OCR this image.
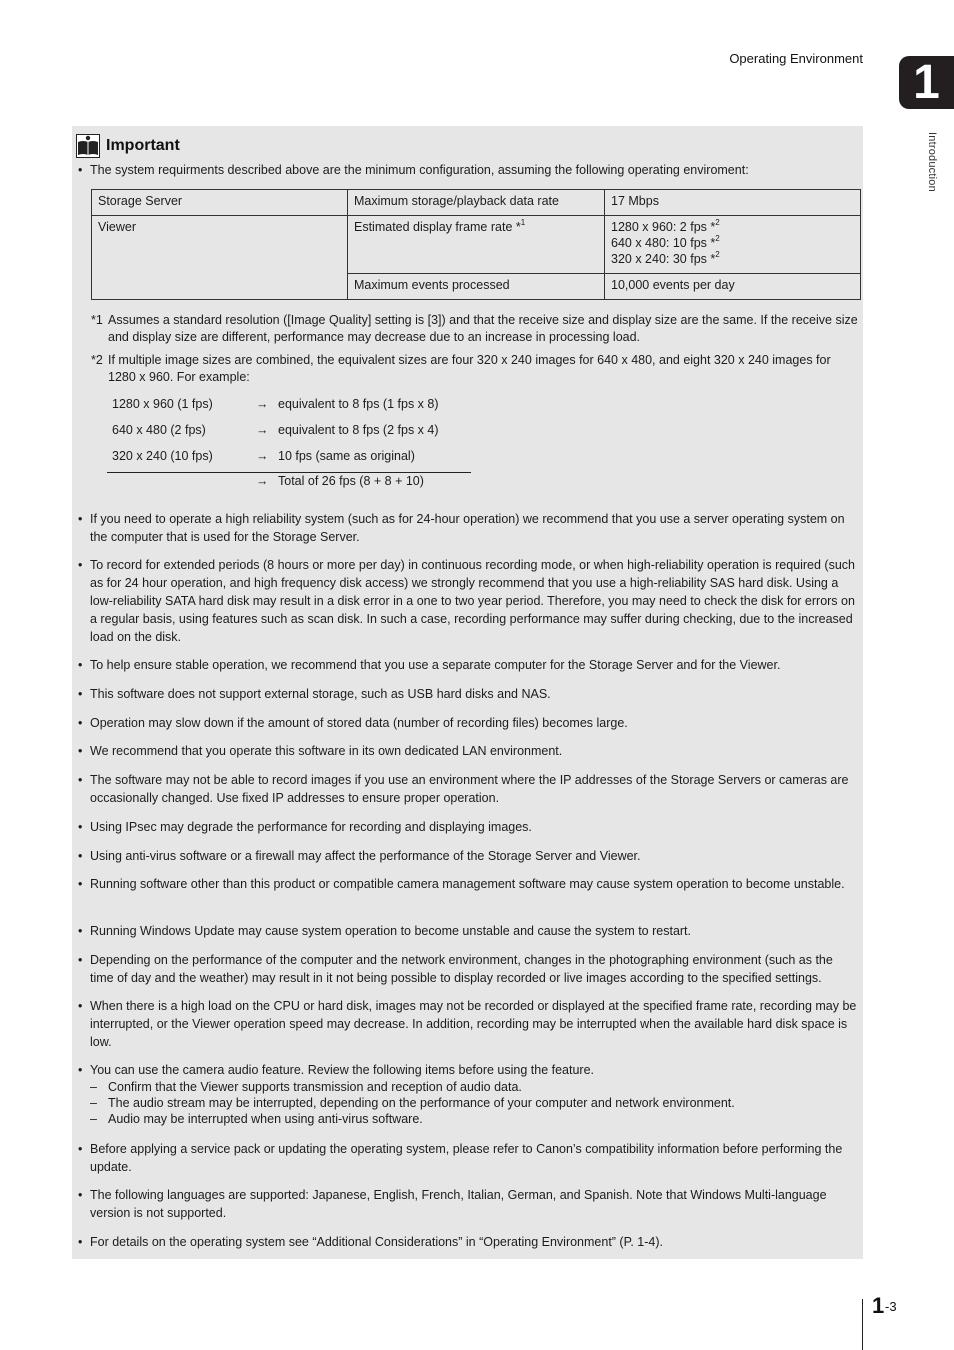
Operating Environment 1
Introduction
Important
• The system requirments described above are the minimum configuration, assuming the following operating enviroment:
Storage Server	Maximum storage/playback data rate	17 Mbps
Viewer	Estimated display frame rate *$^1$	1280 x 960: 2 fps *$^2$
640 x 480: 10 fps *$^2$
320 x 240: 30 fps *$^2$

	Maximum events processed	10,000 events per day
*1 Assumes a standard resolution ([Image Quality] setting is [3]) and that the receive size and display size are the same. If the receive size and display size are different, performance may decrease due to an increase in processing load.
*2 If multiple image sizes are combined, the equivalent sizes are four 320 x 240 images for 640 x 480, and eight 320 x 240 images for 1280 x 960. For example:
1280 x 960 (1 fps)	→ equivalent to 8 fps (1 fps x 8)
640 x 480 (2 fps)	→ equivalent to 8 fps (2 fps x 4)
320 x 240 (10 fps)	→ 10 fps (same as original)
→ Total of 26 fps (8 + 8 + 10)
• If you need to operate a high reliability system (such as for 24-hour operation) we recommend that you use a server operating system on the computer that is used for the Storage Server.
• To record for extended periods (8 hours or more per day) in continuous recording mode, or when high-reliability operation is required (such as for 24 hour operation, and high frequency disk access) we strongly recommend that you use a high-reliability SAS hard disk. Using a low-reliability SATA hard disk may result in a disk error in a one to two year period. Therefore, you may need to check the disk for errors on a regular basis, using features such as scan disk. In such a case, recording performance may suffer during checking, due to the increased load on the disk.
• To help ensure stable operation, we recommend that you use a separate computer for the Storage Server and for the Viewer.
• This software does not support external storage, such as USB hard disks and NAS.
• Operation may slow down if the amount of stored data (number of recording files) becomes large.
• We recommend that you operate this software in its own dedicated LAN environment.
• The software may not be able to record images if you use an environment where the IP addresses of the Storage Servers or cameras are occasionally changed. Use fixed IP addresses to ensure proper operation.
• Using IPsec may degrade the performance for recording and displaying images.
• Using anti-virus software or a firewall may affect the performance of the Storage Server and Viewer.
• Running software other than this product or compatible camera management software may cause system operation to become unstable.
• Running Windows Update may cause system operation to become unstable and cause the system to restart.
• Depending on the performance of the computer and the network environment, changes in the photographing environment (such as the time of day and the weather) may result in it not being possible to display recorded or live images according to the specified settings.
• When there is a high load on the CPU or hard disk, images may not be recorded or displayed at the specified frame rate, recording may be interrupted, or the Viewer operation speed may decrease. In addition, recording may be interrupted when the available hard disk space is low.
• You can use the camera audio feature. Review the following items before using the feature.
– Confirm that the Viewer supports transmission and reception of audio data.
– The audio stream may be interrupted, depending on the performance of your computer and network environment.
– Audio may be interrupted when using anti-virus software.
• Before applying a service pack or updating the operating system, please refer to Canon’s compatibility information before performing the update.
• The following languages are supported: Japanese, English, French, Italian, German, and Spanish. Note that Windows Multi-language version is not supported.
• For details on the operating system see “Additional Considerations” in “Operating Environment” (P. 1-4).
1 -3
